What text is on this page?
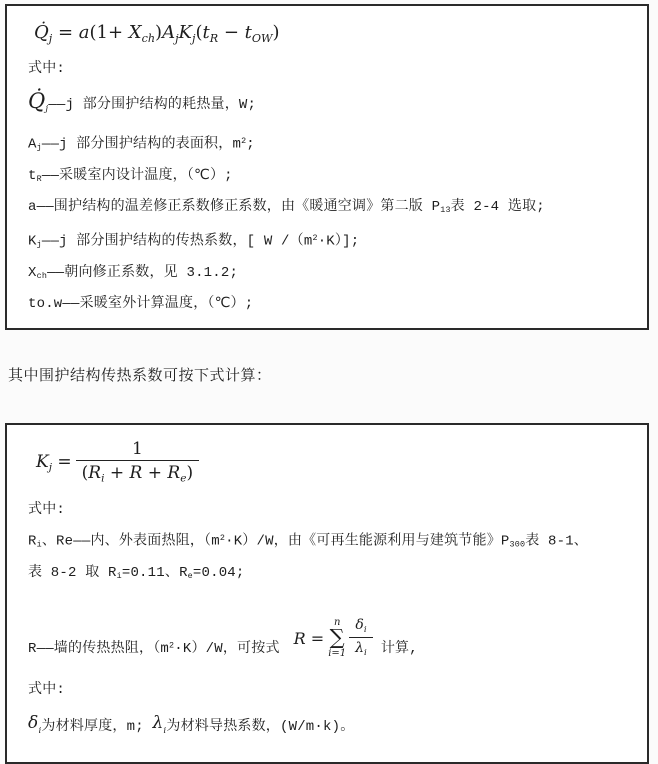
$Q̇_j = a(1+ X_{ch})A_jK_j(t_R - t_{OW})$
式中:
$Q̇_j——j$ 部分围护结构的耗热量，W;
Aj——j 部分围护结构的表面积，$m^2$;
tR——采暖室内设计温度，（℃）;
a——围护结构的温差修正系数修正系数，由《暖通空调》第二版 P13表 2-4 选取;
Kj——j 部分围护结构的传热系数，[ W $/(m^2\cdot K)$];
Xch——朝向修正系数，见 3.1.2;
to.w——采暖室外计算温度，（℃）;
其中围护结构传热系数可按下式计算：
$K_j = \frac{1}{(R_i + R + R_e)}$
式中:
Ri、Re——内、外表面热阻，$(m^2\cdot K)/W$，由《可再生能源利用与建筑节能》P300表 8-1、
表 8-2 取 Ri=0.11、Re=0.04;
R——墙的传热热阻，$(m^2\cdot K)/W$，可按式
R =
n
∑
$i=1 \frac{\delta_i}{\lambda_i}$ 计算,
式中:
$\delta_i$为材料厚度，m; $\lambda_i$为材料导热系数，(W/m·k)。
